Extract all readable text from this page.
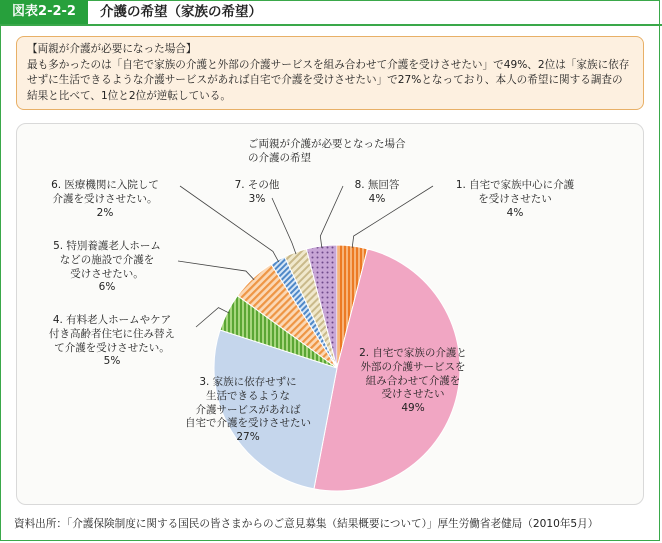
図表2-2-2	介護の希望（家族の希望）
【両親が介護が必要になった場合】
最も多かったのは「自宅で家族の介護と外部の介護サービスを組み合わせて介護を受けさせたい」で49%、2位は「家族に依存せずに生活できるような介護サービスがあれば自宅で介護を受けさせたい」で27%となっており、本人の希望に関する調査の結果と比べて、1位と2位が逆転している。
ご両親が介護が必要となった場合
の介護の希望
1. 自宅で家族中心に介護
を受けさせたい
4%
2. 自宅で家族の介護と
外部の介護サービスを
組み合わせて介護を
受けさせたい
49%
3. 家族に依存せずに
生活できるような
介護サービスがあれば
自宅で介護を受けさせたい
27%
4. 有料老人ホームやケア
付き高齢者住宅に住み替え
て介護を受けさせたい。
5%
5. 特別養護老人ホーム
などの施設で介護を
受けさせたい。
6%
6. 医療機関に入院して
介護を受けさせたい。
2%
7. その他
3%
8. 無回答
4%
資料出所：「介護保険制度に関する国民の皆さまからのご意見募集（結果概要について）」厚生労働省老健局（2010年5月）
